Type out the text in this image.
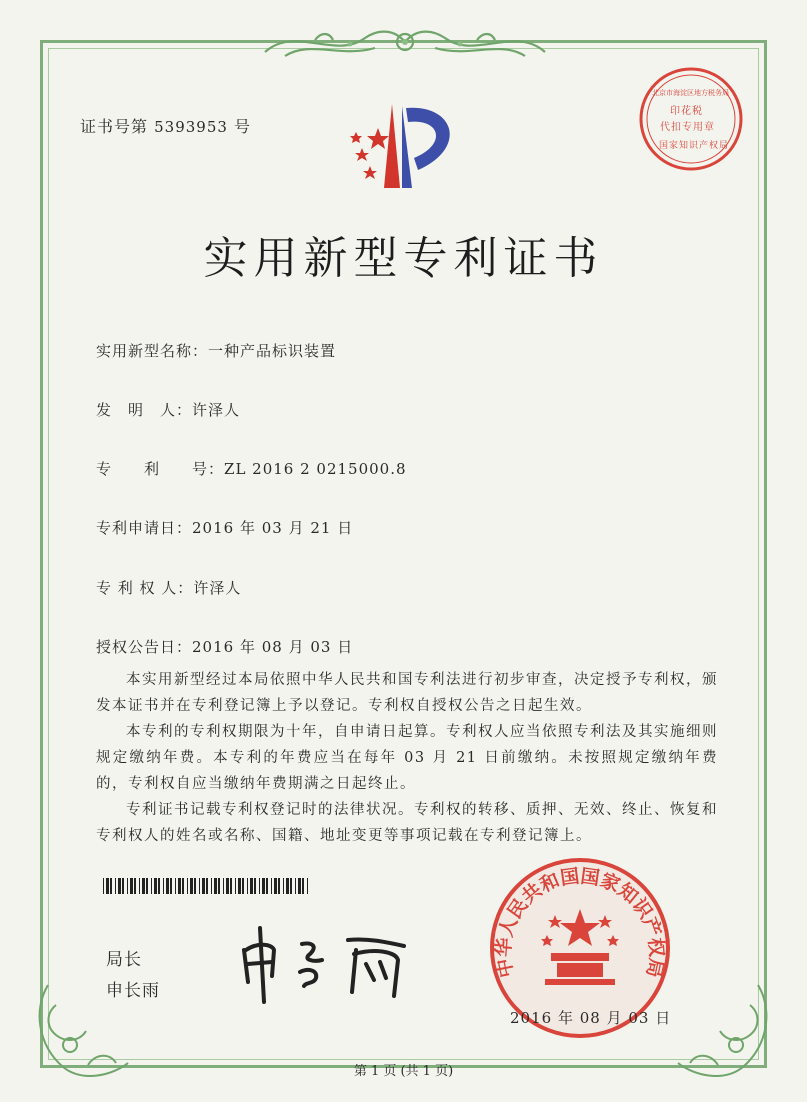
证书号第 5393953 号
北京市海淀区地方税务局
印花税
代扣专用章
国家知识产权局
实用新型专利证书
实用新型名称：一种产品标识装置
发　明　人：许泽人
专　　利　　号：ZL 2016 2 0215000.8
专利申请日：2016 年 03 月 21 日
专 利 权 人：许泽人
授权公告日：2016 年 08 月 03 日
本实用新型经过本局依照中华人民共和国专利法进行初步审查，决定授予专利权，颁发本证书并在专利登记簿上予以登记。专利权自授权公告之日起生效。
本专利的专利权期限为十年，自申请日起算。专利权人应当依照专利法及其实施细则规定缴纳年费。本专利的年费应当在每年 03 月 21 日前缴纳。未按照规定缴纳年费的，专利权自应当缴纳年费期满之日起终止。
专利证书记载专利权登记时的法律状况。专利权的转移、质押、无效、终止、恢复和专利权人的姓名或名称、国籍、地址变更等事项记载在专利登记簿上。
局长
申长雨
中华人民共和国国家知识产权局
2016 年 08 月 03 日
第 1 页 (共 1 页)
